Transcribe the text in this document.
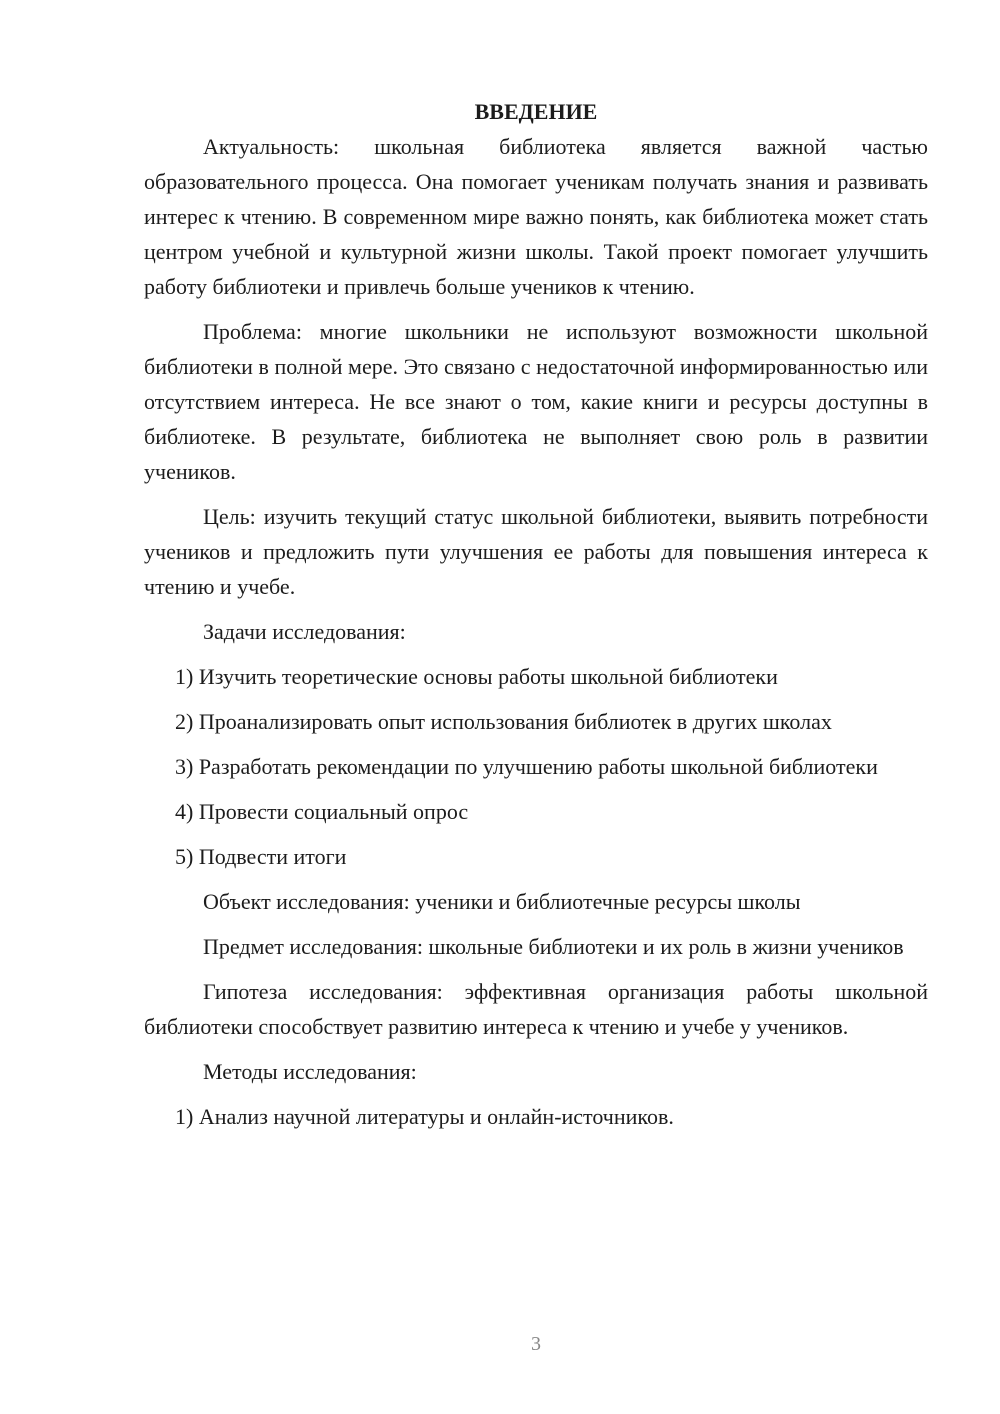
ВВЕДЕНИЕ

Актуальность: школьная библиотека является важной частью образовательного процесса. Она помогает ученикам получать знания и развивать интерес к чтению. В современном мире важно понять, как библиотека может стать центром учебной и культурной жизни школы. Такой проект помогает улучшить работу библиотеки и привлечь больше учеников к чтению.

Проблема: многие школьники не используют возможности школьной библиотеки в полной мере. Это связано с недостаточной информированностью или отсутствием интереса. Не все знают о том, какие книги и ресурсы доступны в библиотеке. В результате, библиотека не выполняет свою роль в развитии учеников.

Цель: изучить текущий статус школьной библиотеки, выявить потребности учеников и предложить пути улучшения ее работы для повышения интереса к чтению и учебе.

Задачи исследования:

1) Изучить теоретические основы работы школьной библиотеки

2) Проанализировать опыт использования библиотек в других школах

3) Разработать рекомендации по улучшению работы школьной библиотеки

4) Провести социальный опрос

5) Подвести итоги

Объект исследования: ученики и библиотечные ресурсы школы

Предмет исследования: школьные библиотеки и их роль в жизни учеников

Гипотеза исследования: эффективная организация работы школьной библиотеки способствует развитию интереса к чтению и учебе у учеников.

Методы исследования:

1) Анализ научной литературы и онлайн-источников.

3
